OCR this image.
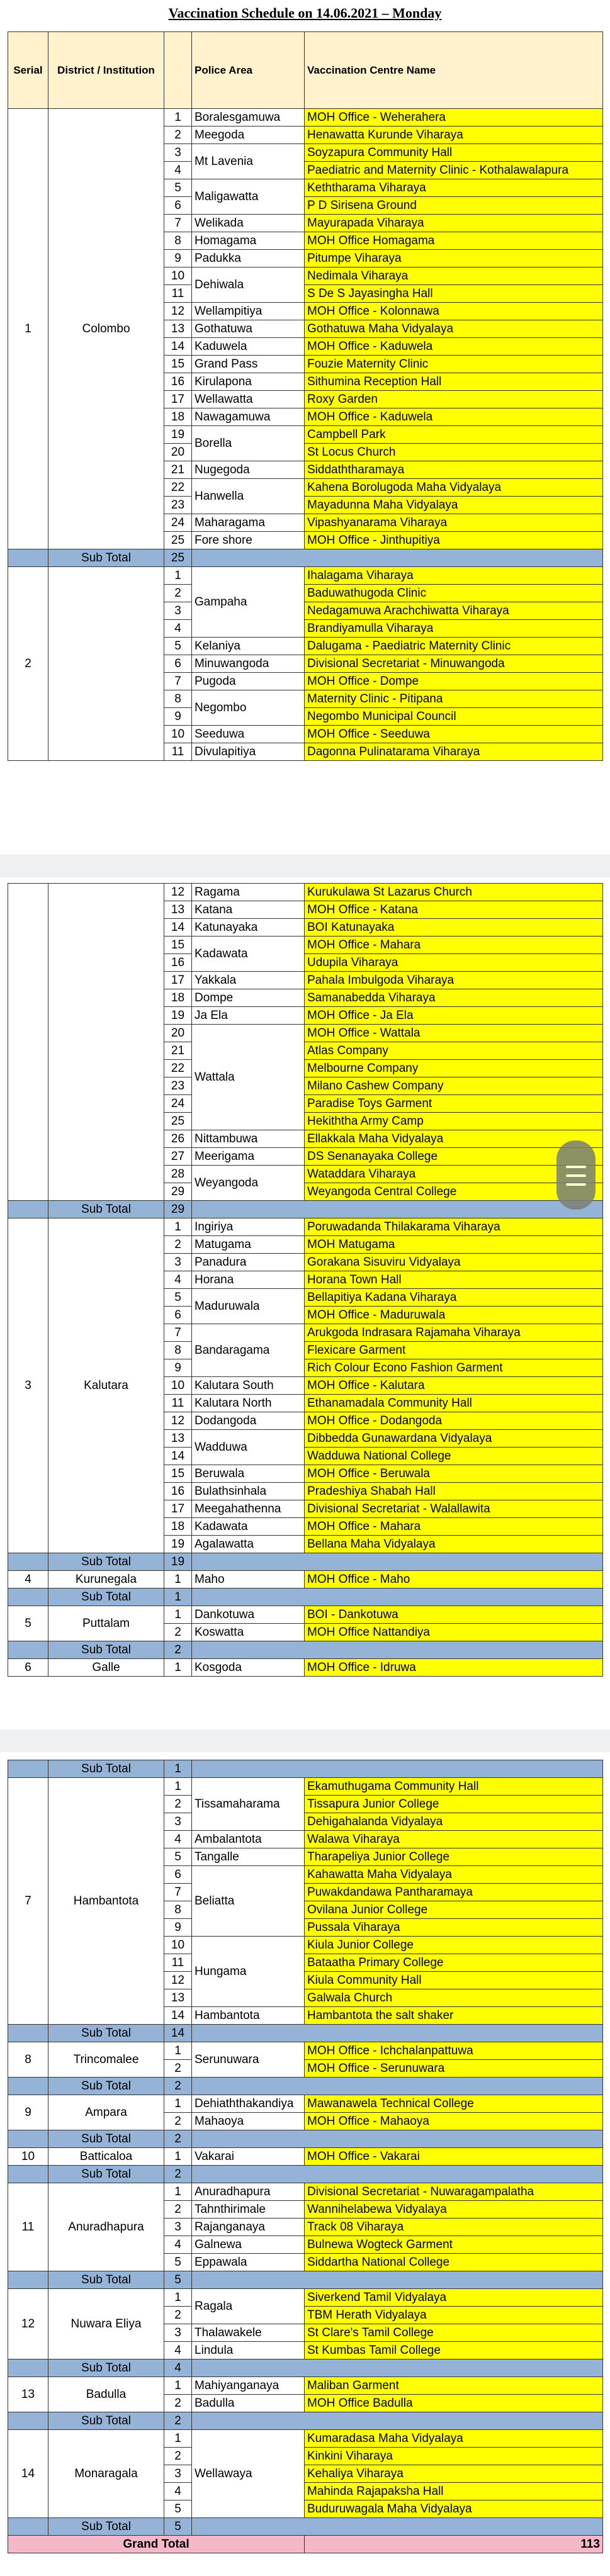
Vaccination Schedule on 14.06.2021 – Monday
Serial	District / Institution		Police Area	Vaccination Centre Name
1	Colombo	1	Boralesgamuwa	MOH Office - Weherahera
		2	Meegoda	Henawatta Kurunde Viharaya
		3	Mt Lavenia	Soyzapura Community Hall
		4		Paediatric and Maternity Clinic - Kothalawalapura
		5	Maligawatta	Keththarama Viharaya
		6		P D Sirisena Ground
		7	Welikada	Mayurapada Viharaya
		8	Homagama	MOH Office Homagama
		9	Padukka	Pitumpe Viharaya
		10	Dehiwala	Nedimala Viharaya
		11		S De S Jayasingha Hall
		12	Wellampitiya	MOH Office - Kolonnawa
		13	Gothatuwa	Gothatuwa Maha Vidyalaya
		14	Kaduwela	MOH Office - Kaduwela
		15	Grand Pass	Fouzie Maternity Clinic
		16	Kirulapona	Sithumina Reception Hall
		17	Wellawatta	Roxy Garden
		18	Nawagamuwa	MOH Office - Kaduwela
		19	Borella	Campbell Park
		20		St Locus Church
		21	Nugegoda	Siddaththaramaya
		22	Hanwella	Kahena Borolugoda Maha Vidyalaya
		23		Mayadunna Maha Vidyalaya
		24	Maharagama	Vipashyanarama Viharaya
		25	Fore shore	MOH Office - Jinthupitiya
	Sub Total	25		
2		1	Gampaha	Ihalagama Viharaya
		2		Baduwathugoda Clinic
		3		Nedagamuwa Arachchiwatta Viharaya
		4		Brandiyamulla Viharaya
		5	Kelaniya	Dalugama - Paediatric Maternity Clinic
		6	Minuwangoda	Divisional Secretariat - Minuwangoda
		7	Pugoda	MOH Office - Dompe
		8	Negombo	Maternity Clinic - Pitipana
		9		Negombo Municipal Council
		10	Seeduwa	MOH Office - Seeduwa
		11	Divulapitiya	Dagonna Pulinatarama Viharaya
		12	Ragama	Kurukulawa St Lazarus Church
		13	Katana	MOH Office - Katana
		14	Katunayaka	BOI Katunayaka
		15	Kadawata	MOH Office - Mahara
		16		Udupila Viharaya
		17	Yakkala	Pahala Imbulgoda Viharaya
		18	Dompe	Samanabedda Viharaya
		19	Ja Ela	MOH Office - Ja Ela
		20	Wattala	MOH Office - Wattala
		21		Atlas Company
		22		Melbourne Company
		23		Milano Cashew Company
		24		Paradise Toys Garment
		25		Hekiththa Army Camp
		26	Nittambuwa	Ellakkala Maha Vidyalaya
		27	Meerigama	DS Senanayaka College
		28	Weyangoda	Wataddara Viharaya
		29		Weyangoda Central College
	Sub Total	29		
3	Kalutara	1	Ingiriya	Poruwadanda Thilakarama Viharaya
		2	Matugama	MOH Matugama
		3	Panadura	Gorakana Sisuviru Vidyalaya
		4	Horana	Horana Town Hall
		5	Maduruwala	Bellapitiya Kadana Viharaya
		6		MOH Office - Maduruwala
		7	Bandaragama	Arukgoda Indrasara Rajamaha Viharaya
		8		Flexicare Garment
		9		Rich Colour Econo Fashion Garment
		10	Kalutara South	MOH Office - Kalutara
		11	Kalutara North	Ethanamadala Community Hall
		12	Dodangoda	MOH Office - Dodangoda
		13	Wadduwa	Dibbedda Gunawardana Vidyalaya
		14		Wadduwa National College
		15	Beruwala	MOH Office - Beruwala
		16	Bulathsinhala	Pradeshiya Shabah Hall
		17	Meegahathenna	Divisional Secretariat - Walallawita
		18	Kadawata	MOH Office - Mahara
		19	Agalawatta	Bellana Maha Vidyalaya
	Sub Total	19		
4	Kurunegala	1	Maho	MOH Office - Maho
	Sub Total	1		
5	Puttalam	1	Dankotuwa	BOI - Dankotuwa
		2	Koswatta	MOH Office Nattandiya
	Sub Total	2		
6	Galle	1	Kosgoda	MOH Office - Idruwa
	Sub Total	1		
7	Hambantota	1	Tissamaharama	Ekamuthugama Community Hall
		2		Tissapura Junior College
		3		Dehigahalanda Vidyalaya
		4	Ambalantota	Walawa Viharaya
		5	Tangalle	Tharapeliya Junior College
		6	Beliatta	Kahawatta Maha Vidyalaya
		7		Puwakdandawa Pantharamaya
		8		Ovilana Junior College
		9		Pussala Viharaya
		10	Hungama	Kiula Junior College
		11		Bataatha Primary College
		12		Kiula Community Hall
		13		Galwala Church
		14	Hambantota	Hambantota the salt shaker
	Sub Total	14		
8	Trincomalee	1	Serunuwara	MOH Office - Ichchalanpattuwa
		2		MOH Office - Serunuwara
	Sub Total	2		
9	Ampara	1	Dehiaththakandiya	Mawanawela Technical College
		2	Mahaoya	MOH Office - Mahaoya
	Sub Total	2		
10	Batticaloa	1	Vakarai	MOH Office - Vakarai
	Sub Total	2		
11	Anuradhapura	1	Anuradhapura	Divisional Secretariat - Nuwaragampalatha
		2	Tahnthirimale	Wannihelabewa Vidyalaya
		3	Rajanganaya	Track 08 Viharaya
		4	Galnewa	Bulnewa Wogteck Garment
		5	Eppawala	Siddartha National College
	Sub Total	5		
12	Nuwara Eliya	1	Ragala	Siverkend Tamil Vidyalaya
		2		TBM Herath Vidyalaya
		3	Thalawakele	St Clare's Tamil College
		4	Lindula	St Kumbas Tamil College
	Sub Total	4		
13	Badulla	1	Mahiyanganaya	Maliban Garment
		2	Badulla	MOH Office Badulla
	Sub Total	2		
14	Monaragala	1	Wellawaya	Kumaradasa Maha Vidyalaya
		2		Kinkini Viharaya
		3		Kehaliya Viharaya
		4		Mahinda Rajapaksha Hall
		5		Buduruwagala Maha Vidyalaya
	Sub Total	5		
Grand Total				113
